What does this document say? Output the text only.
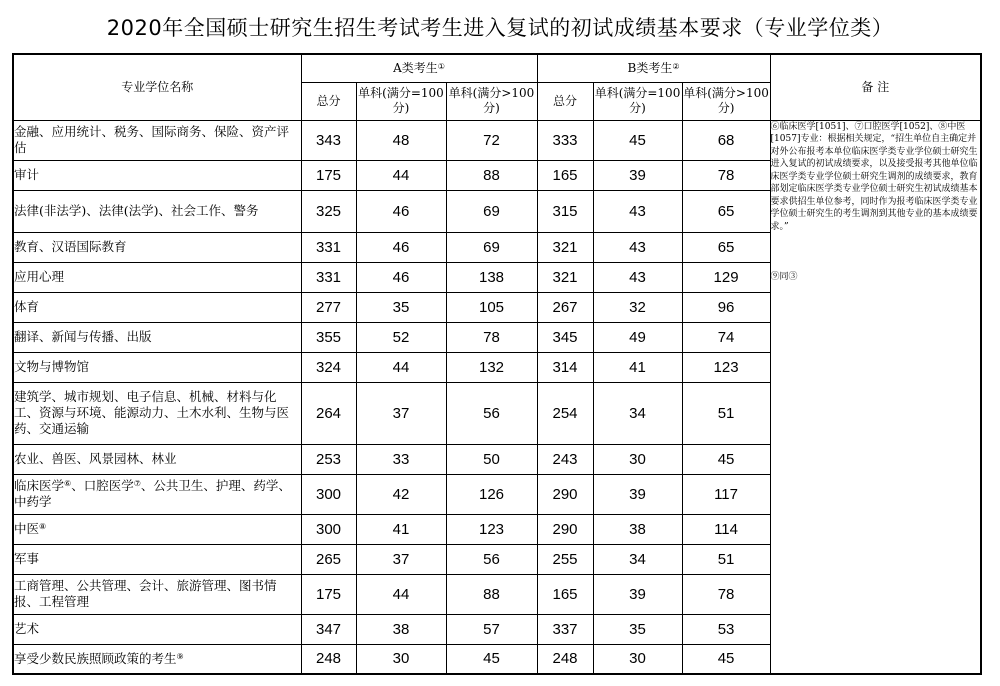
2020年全国硕士研究生招生考试考生进入复试的初试成绩基本要求（专业学位类）
专业学位名称	A类考生①			B类考生②			备 注
	总分	单科(满分=100分)	单科(满分>100分)	总分	单科(满分=100分)	单科(满分>100分)	
金融、应用统计、税务、国际商务、保险、资产评估	343	48	72	333	45	68	⑥临床医学[1051]、⑦口腔医学[1052]、⑧中医[1057]专业：根据相关规定，“招生单位自主确定并对外公布报考本单位临床医学类专业学位硕士研究生进入复试的初试成绩要求，以及接受报考其他单位临床医学类专业学位硕士研究生调剂的成绩要求，教育部划定临床医学类专业学位硕士研究生初试成绩基本要求供招生单位参考，同时作为报考临床医学类专业学位硕士研究生的考生调剂到其他专业的基本成绩要求。”
⑨同③

审计	175	44	88	165	39	78	
法律(非法学)、法律(法学)、社会工作、警务	325	46	69	315	43	65	
教育、汉语国际教育	331	46	69	321	43	65	
应用心理	331	46	138	321	43	129	
体育	277	35	105	267	32	96	
翻译、新闻与传播、出版	355	52	78	345	49	74	
文物与博物馆	324	44	132	314	41	123	
建筑学、城市规划、电子信息、机械、材料与化工、资源与环境、能源动力、土木水利、生物与医药、交通运输	264	37	56	254	34	51	
农业、兽医、风景园林、林业	253	33	50	243	30	45	
临床医学⑥、口腔医学⑦、公共卫生、护理、药学、中药学	300	42	126	290	39	117	
中医⑧	300	41	123	290	38	114	
军事	265	37	56	255	34	51	
工商管理、公共管理、会计、旅游管理、图书情报、工程管理	175	44	88	165	39	78	
艺术	347	38	57	337	35	53	
享受少数民族照顾政策的考生⑨	248	30	45	248	30	45	
